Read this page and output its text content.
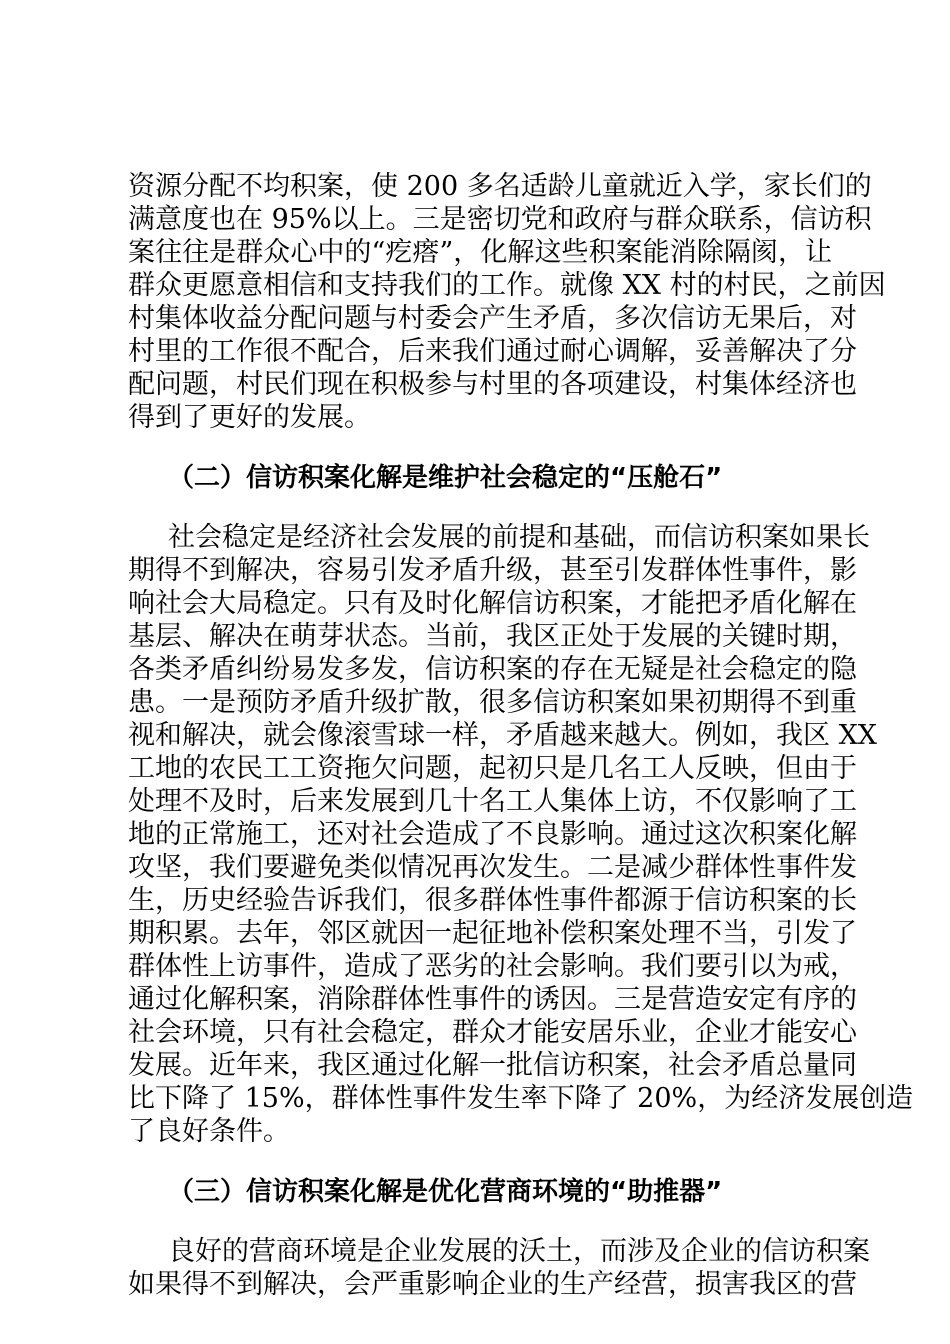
资源分配不均积案，使 200 多名适龄儿童就近入学，家长们的
满意度也在 95%以上。三是密切党和政府与群众联系，信访积
案往往是群众心中的“疙瘩”，化解这些积案能消除隔阂，让
群众更愿意相信和支持我们的工作。就像 XX 村的村民，之前因
村集体收益分配问题与村委会产生矛盾，多次信访无果后，对
村里的工作很不配合，后来我们通过耐心调解，妥善解决了分
配问题，村民们现在积极参与村里的各项建设，村集体经济也
得到了更好的发展。
（二）信访积案化解是维护社会稳定的“压舱石”
社会稳定是经济社会发展的前提和基础，而信访积案如果长
期得不到解决，容易引发矛盾升级，甚至引发群体性事件，影
响社会大局稳定。只有及时化解信访积案，才能把矛盾化解在
基层、解决在萌芽状态。当前，我区正处于发展的关键时期，
各类矛盾纠纷易发多发，信访积案的存在无疑是社会稳定的隐
患。一是预防矛盾升级扩散，很多信访积案如果初期得不到重
视和解决，就会像滚雪球一样，矛盾越来越大。例如，我区 XX
工地的农民工工资拖欠问题，起初只是几名工人反映，但由于
处理不及时，后来发展到几十名工人集体上访，不仅影响了工
地的正常施工，还对社会造成了不良影响。通过这次积案化解
攻坚，我们要避免类似情况再次发生。二是减少群体性事件发
生，历史经验告诉我们，很多群体性事件都源于信访积案的长
期积累。去年，邻区就因一起征地补偿积案处理不当，引发了
群体性上访事件，造成了恶劣的社会影响。我们要引以为戒，
通过化解积案，消除群体性事件的诱因。三是营造安定有序的
社会环境，只有社会稳定，群众才能安居乐业，企业才能安心
发展。近年来，我区通过化解一批信访积案，社会矛盾总量同
比下降了 15%，群体性事件发生率下降了 20%，为经济发展创造
了良好条件。
（三）信访积案化解是优化营商环境的“助推器”
良好的营商环境是企业发展的沃土，而涉及企业的信访积案
如果得不到解决，会严重影响企业的生产经营，损害我区的营
